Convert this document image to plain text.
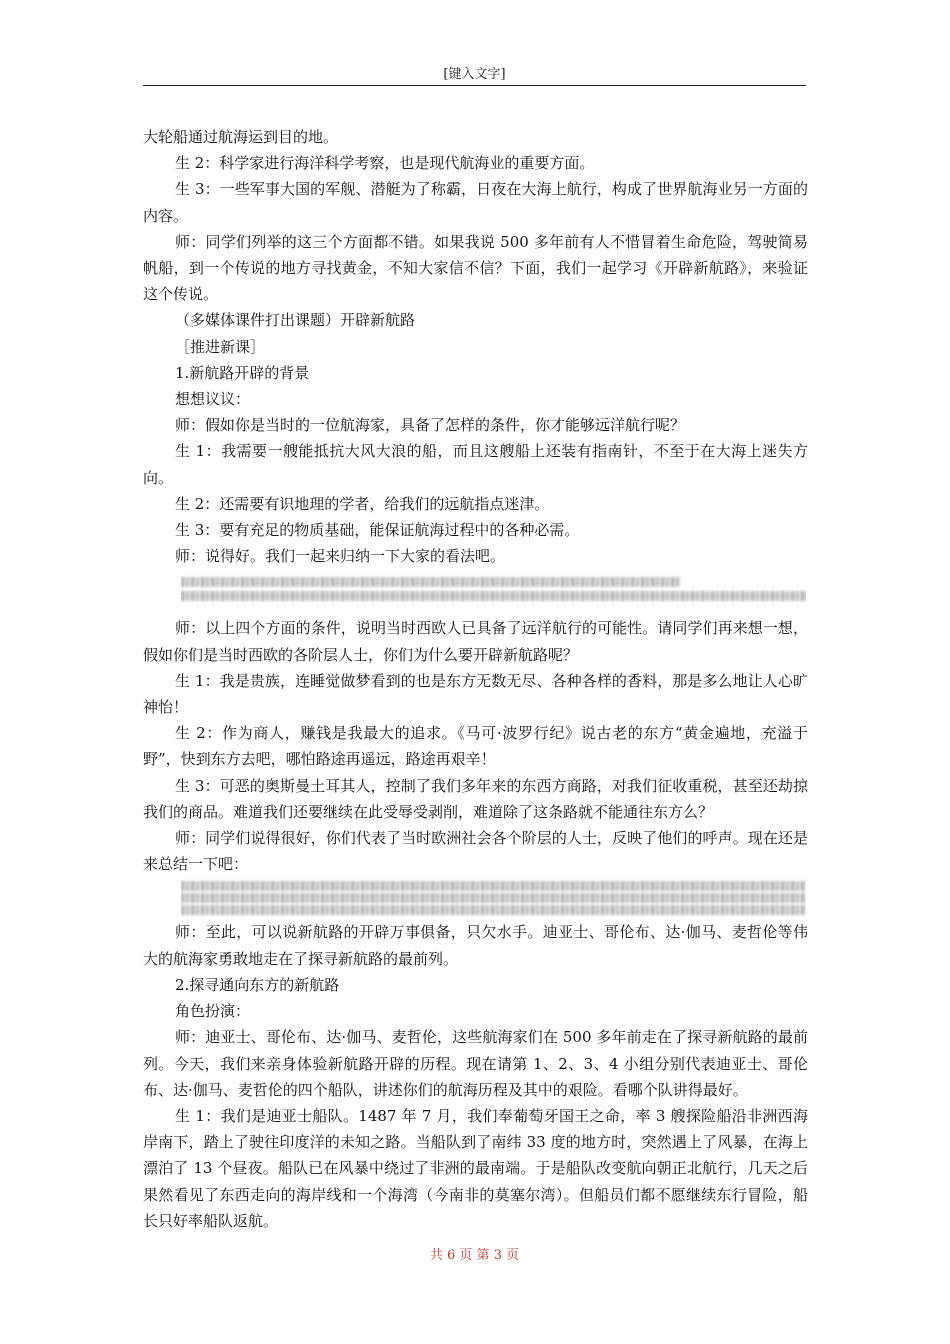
[键入文字]

大轮船通过航海运到目的地。

生 2：科学家进行海洋科学考察，也是现代航海业的重要方面。

生 3：一些军事大国的军舰、潜艇为了称霸，日夜在大海上航行，构成了世界航海业另一方面的内容。

师：同学们列举的这三个方面都不错。如果我说 500 多年前有人不惜冒着生命危险，驾驶简易帆船，到一个传说的地方寻找黄金，不知大家信不信？下面，我们一起学习《开辟新航路》，来验证这个传说。

（多媒体课件打出课题）开辟新航路

［推进新课］

1.新航路开辟的背景

想想议议：

师：假如你是当时的一位航海家，具备了怎样的条件，你才能够远洋航行呢？

生 1：我需要一艘能抵抗大风大浪的船，而且这艘船上还装有指南针，不至于在大海上迷失方向。

生 2：还需要有识地理的学者，给我们的远航指点迷津。

生 3：要有充足的物质基础，能保证航海过程中的各种必需。

师：说得好。我们一起来归纳一下大家的看法吧。

师：以上四个方面的条件，说明当时西欧人已具备了远洋航行的可能性。请同学们再来想一想，假如你们是当时西欧的各阶层人士，你们为什么要开辟新航路呢？

生 1：我是贵族，连睡觉做梦看到的也是东方无数无尽、各种各样的香料，那是多么地让人心旷神怡！

生 2：作为商人，赚钱是我最大的追求。《马可·波罗行纪》说古老的东方“黄金遍地，充溢于野”，快到东方去吧，哪怕路途再遥远，路途再艰辛！

生 3：可恶的奥斯曼土耳其人，控制了我们多年来的东西方商路，对我们征收重税，甚至还劫掠我们的商品。难道我们还要继续在此受辱受剥削，难道除了这条路就不能通往东方么？

师：同学们说得很好，你们代表了当时欧洲社会各个阶层的人士，反映了他们的呼声。现在还是来总结一下吧：

师：至此，可以说新航路的开辟万事俱备，只欠水手。迪亚士、哥伦布、达·伽马、麦哲伦等伟大的航海家勇敢地走在了探寻新航路的最前列。

2.探寻通向东方的新航路

角色扮演：

师：迪亚士、哥伦布、达·伽马、麦哲伦，这些航海家们在 500 多年前走在了探寻新航路的最前列。今天，我们来亲身体验新航路开辟的历程。现在请第 1、2、3、4 小组分别代表迪亚士、哥伦布、达·伽马、麦哲伦的四个船队，讲述你们的航海历程及其中的艰险。看哪个队讲得最好。

生 1：我们是迪亚士船队。1487 年 7 月，我们奉葡萄牙国王之命，率 3 艘探险船沿非洲西海岸南下，踏上了驶往印度洋的未知之路。当船队到了南纬 33 度的地方时，突然遇上了风暴，在海上漂泊了 13 个昼夜。船队已在风暴中绕过了非洲的最南端。于是船队改变航向朝正北航行，几天之后果然看见了东西走向的海岸线和一个海湾（今南非的莫塞尔湾）。但船员们都不愿继续东行冒险，船长只好率船队返航。

共 6 页 第 3 页
